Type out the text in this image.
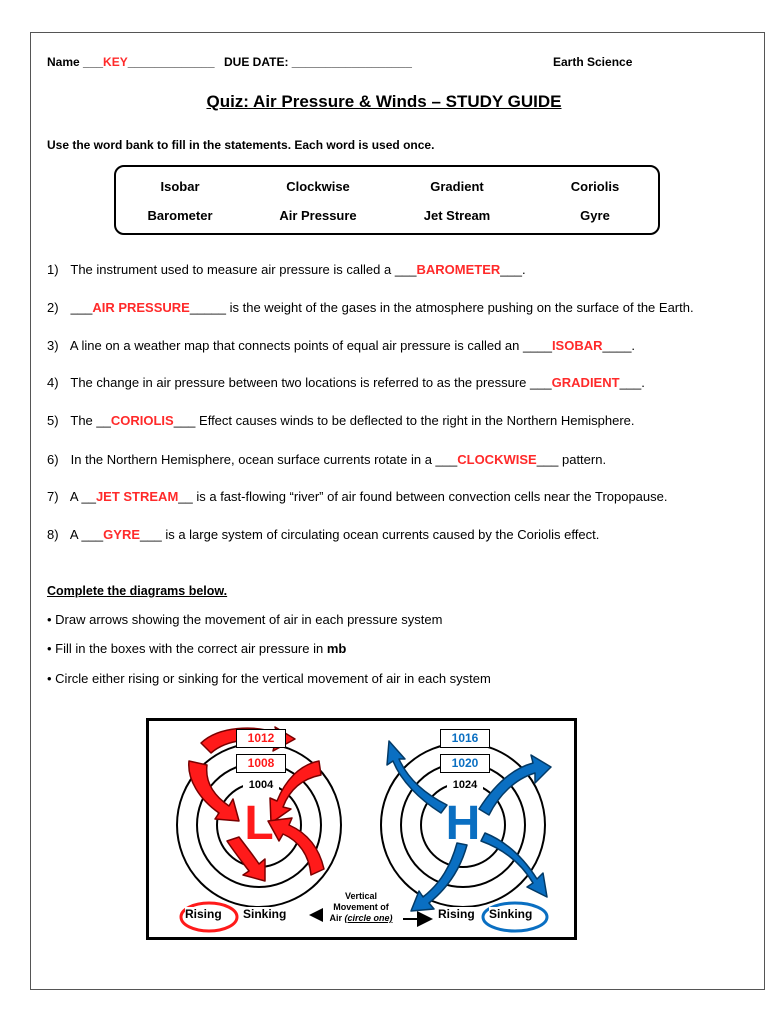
Name ___KEY_____________ DUE DATE: __________________	Earth Science
Quiz: Air Pressure & Winds – STUDY GUIDE
Use the word bank to fill in the statements. Each word is used once.
Isobar	Clockwise	Gradient	Coriolis
Barometer	Air Pressure	Jet Stream	Gyre
1) The instrument used to measure air pressure is called a ___BAROMETER___.
2) ___AIR PRESSURE_____ is the weight of the gases in the atmosphere pushing on the surface of the Earth.
3) A line on a weather map that connects points of equal air pressure is called an ____ISOBAR____.
4) The change in air pressure between two locations is referred to as the pressure ___GRADIENT___.
5) The __CORIOLIS___ Effect causes winds to be deflected to the right in the Northern Hemisphere.
6) In the Northern Hemisphere, ocean surface currents rotate in a ___CLOCKWISE___ pattern.
7) A __JET STREAM__ is a fast-flowing “river” of air found between convection cells near the Tropopause.
8) A ___GYRE___ is a large system of circulating ocean currents caused by the Coriolis effect.
Complete the diagrams below.
• Draw arrows showing the movement of air in each pressure system
• Fill in the boxes with the correct air pressure in mb
• Circle either rising or sinking for the vertical movement of air in each system
L	H
1012
1008
1004
1016
1020
1024
Rising Sinking	Rising Sinking
Vertical
Movement of
Air (circle one)
